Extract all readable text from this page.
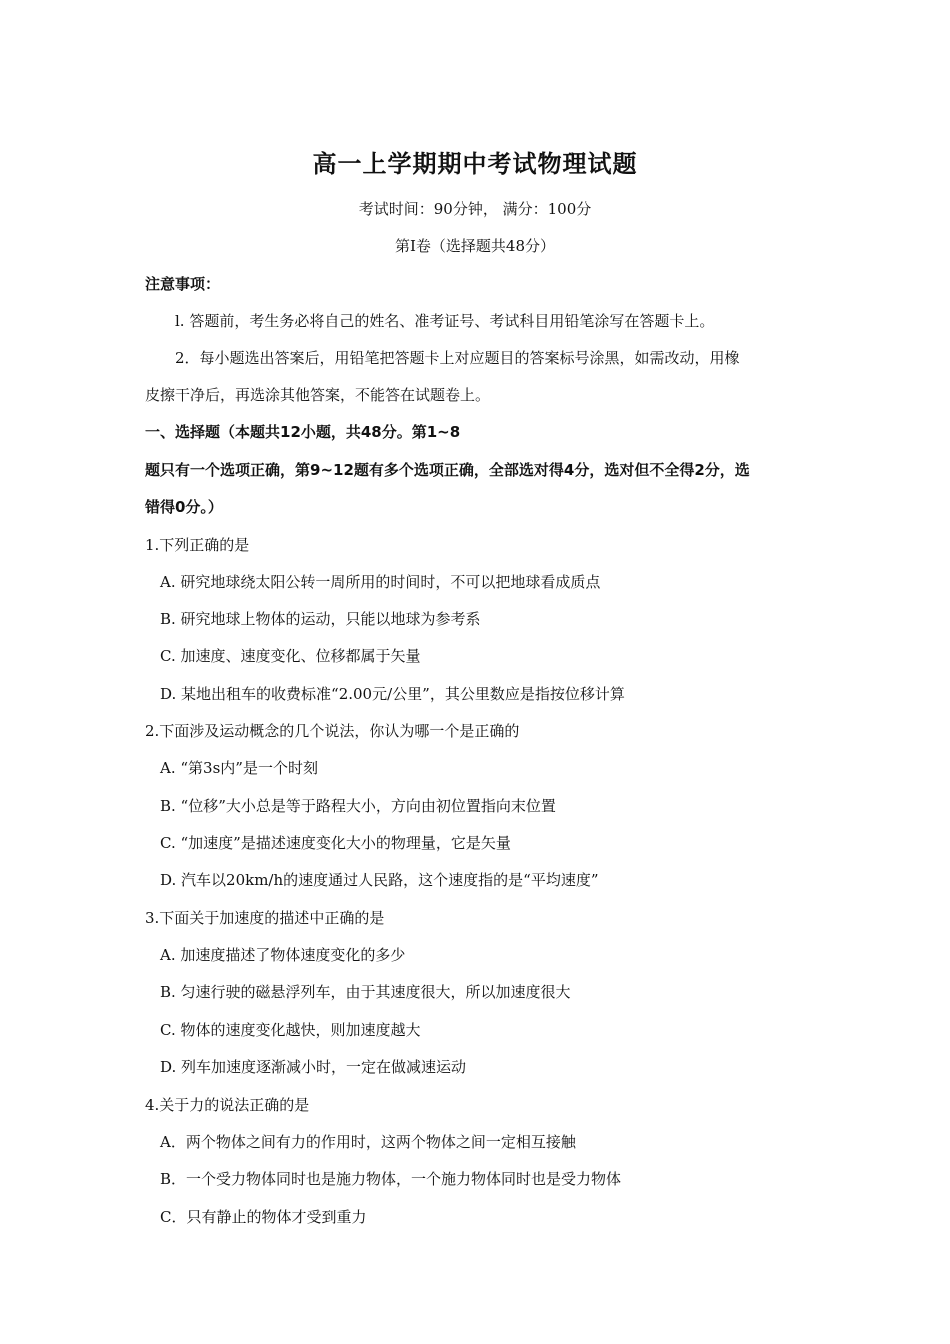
高一上学期期中考试物理试题
考试时间：90分钟， 满分：100分
第Ⅰ卷（选择题共48分）
注意事项：
l. 答题前，考生务必将自己的姓名、准考证号、考试科目用铅笔涂写在答题卡上。
2．每小题选出答案后，用铅笔把答题卡上对应题目的答案标号涂黑，如需改动，用橡
皮擦干净后，再选涂其他答案，不能答在试题卷上。
一、选择题（本题共12小题，共48分。第1~8
题只有一个选项正确，第9~12题有多个选项正确，全部选对得4分，选对但不全得2分，选
错得0分。）
1.下列正确的是
A. 研究地球绕太阳公转一周所用的时间时，不可以把地球看成质点
B. 研究地球上物体的运动，只能以地球为参考系
C. 加速度、速度变化、位移都属于矢量
D. 某地出租车的收费标准“2.00元/公里”，其公里数应是指按位移计算
2.下面涉及运动概念的几个说法，你认为哪一个是正确的
A. “第3s内”是一个时刻
B. “位移”大小总是等于路程大小，方向由初位置指向末位置
C. “加速度”是描述速度变化大小的物理量，它是矢量
D. 汽车以20km/h的速度通过人民路，这个速度指的是“平均速度”
3.下面关于加速度的描述中正确的是
A. 加速度描述了物体速度变化的多少
B. 匀速行驶的磁悬浮列车，由于其速度很大，所以加速度很大
C. 物体的速度变化越快，则加速度越大
D. 列车加速度逐渐减小时，一定在做减速运动
4.关于力的说法正确的是
A．两个物体之间有力的作用时，这两个物体之间一定相互接触
B．一个受力物体同时也是施力物体，一个施力物体同时也是受力物体
C．只有静止的物体才受到重力
